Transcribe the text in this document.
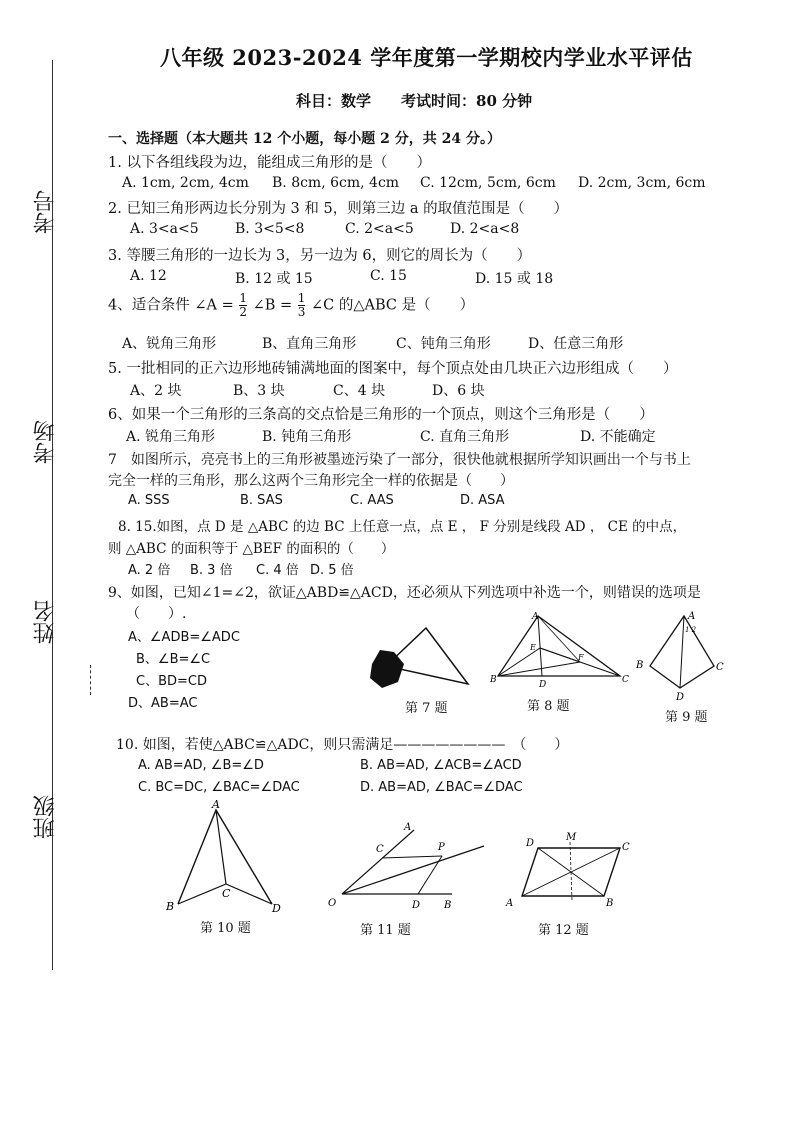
考号
考场
姓名
班级
八年级 2023-2024 学年度第一学期校内学业水平评估
科目：数学　　考试时间：80 分钟
一、选择题（本大题共 12 个小题，每小题 2 分，共 24 分。）
1. 以下各组线段为边，能组成三角形的是（　　）
A. 1cm, 2cm, 4cm B. 8cm, 6cm, 4cm C. 12cm, 5cm, 6cm D. 2cm, 3cm, 6cm
2. 已知三角形两边长分别为 3 和 5，则第三边 a 的取值范围是（　　）
A. 3<a<5	B. 3<5<8	C. 2<a<5	D. 2<a<8
3. 等腰三角形的一边长为 3，另一边为 6，则它的周长为（　　）
A. 12	B. 12 或 15	C. 15	D. 15 或 18
4、适合条件 ∠A = $\frac{1}{2}$ ∠B = $\frac{1}{3}$ ∠C 的△ABC 是（　　）
A、锐角三角形	B、直角三角形	C、钝角三角形	D、任意三角形
5. 一批相同的正六边形地砖铺满地面的图案中，每个顶点处由几块正六边形组成（　　）
A、2 块	B、3 块	C、4 块	D、6 块
6、如果一个三角形的三条高的交点恰是三角形的一个顶点，则这个三角形是（　　）
A. 锐角三角形	B. 钝角三角形	C. 直角三角形	D. 不能确定
7　如图所示，亮亮书上的三角形被墨迹污染了一部分，很快他就根据所学知识画出一个与书上
完全一样的三角形，那么这两个三角形完全一样的依据是（　　）
A. SSS	B. SAS	C. AAS	D. ASA
8. 15.如图，点 D 是 △ABC 的边 BC 上任意一点，点 E ， F 分别是线段 AD ， CE 的中点，
则 △ABC 的面积等于 △BEF 的面积的（　　）
A. 2 倍 B. 3 倍 C. 4 倍 D. 5 倍
9、如图，已知∠1=∠2，欲证△ABD≌△ACD，还必须从下列选项中补选一个，则错误的选项是
（　　）.
A、∠ADB=∠ADC
B、∠B=∠C
C、BD=CD
D、AB=AC	第 7 题
A
B	C
D
E
F
第 8 题
1 2
A
B	C
D
第 9 题
10. 如图，若使△ABC≌△ADC，则只需满足————————　（　　）
A. AB=AD, ∠B=∠D	B. AB=AD, ∠ACB=∠ACD
C. BC=DC, ∠BAC=∠DAC	D. AB=AD, ∠BAC=∠DAC
A
B
C
D
第 10 题
A
C	P
O	D B
第 11 题
D
M
C
A	B
第 12 题
